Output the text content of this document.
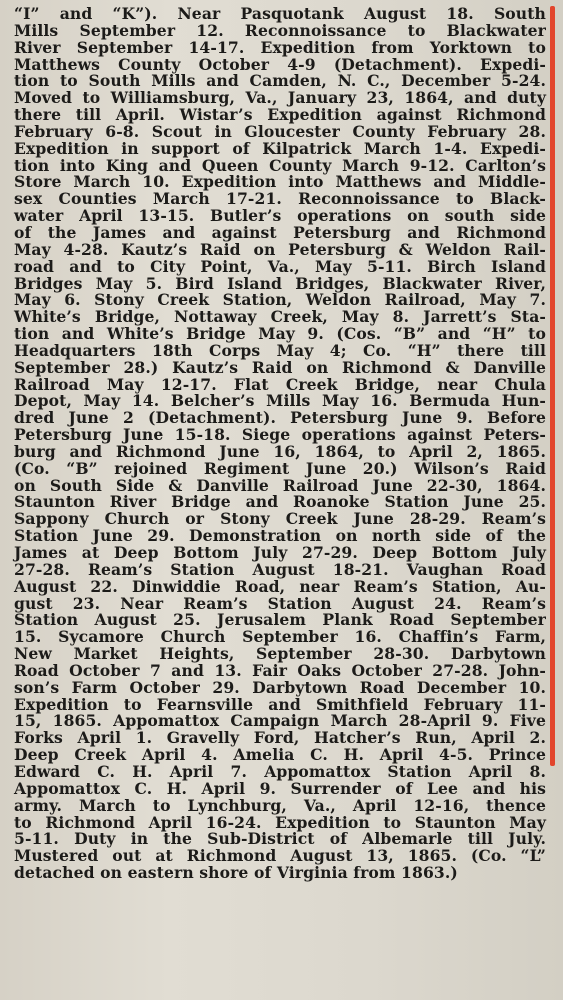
“I” and “K”). Near Pasquotank August 18. South
Mills September 12. Reconnoissance to Blackwater
River September 14-17. Expedition from Yorktown to
Matthews County October 4-9 (Detachment). Expedi-
tion to South Mills and Camden, N. C., December 5-24.
Moved to Williamsburg, Va., January 23, 1864, and duty
there till April. Wistar’s Expedition against Richmond
February 6-8. Scout in Gloucester County February 28.
Expedition in support of Kilpatrick March 1-4. Expedi-
tion into King and Queen County March 9-12. Carlton’s
Store March 10. Expedition into Matthews and Middle-
sex Counties March 17-21. Reconnoissance to Black-
water April 13-15. Butler’s operations on south side
of the James and against Petersburg and Richmond
May 4-28. Kautz’s Raid on Petersburg & Weldon Rail-
road and to City Point, Va., May 5-11. Birch Island
Bridges May 5. Bird Island Bridges, Blackwater River,
May 6. Stony Creek Station, Weldon Railroad, May 7.
White’s Bridge, Nottaway Creek, May 8. Jarrett’s Sta-
tion and White’s Bridge May 9. (Cos. “B” and “H” to
Headquarters 18th Corps May 4; Co. “H” there till
September 28.) Kautz’s Raid on Richmond & Danville
Railroad May 12-17. Flat Creek Bridge, near Chula
Depot, May 14. Belcher’s Mills May 16. Bermuda Hun-
dred June 2 (Detachment). Petersburg June 9. Before
Petersburg June 15-18. Siege operations against Peters-
burg and Richmond June 16, 1864, to April 2, 1865.
(Co. “B” rejoined Regiment June 20.) Wilson’s Raid
on South Side & Danville Railroad June 22-30, 1864.
Staunton River Bridge and Roanoke Station June 25.
Sappony Church or Stony Creek June 28-29. Ream’s
Station June 29. Demonstration on north side of the
James at Deep Bottom July 27-29. Deep Bottom July
27-28. Ream’s Station August 18-21. Vaughan Road
August 22. Dinwiddie Road, near Ream’s Station, Au-
gust 23. Near Ream’s Station August 24. Ream’s
Station August 25. Jerusalem Plank Road September
15. Sycamore Church September 16. Chaffin’s Farm,
New Market Heights, September 28-30. Darbytown
Road October 7 and 13. Fair Oaks October 27-28. John-
son’s Farm October 29. Darbytown Road December 10.
Expedition to Fearnsville and Smithfield February 11-
15, 1865. Appomattox Campaign March 28-April 9. Five
Forks April 1. Gravelly Ford, Hatcher’s Run, April 2.
Deep Creek April 4. Amelia C. H. April 4-5. Prince
Edward C. H. April 7. Appomattox Station April 8.
Appomattox C. H. April 9. Surrender of Lee and his
army. March to Lynchburg, Va., April 12-16, thence
to Richmond April 16-24. Expedition to Staunton May
5-11. Duty in the Sub-District of Albemarle till July.
Mustered out at Richmond August 13, 1865. (Co. “L”
detached on eastern shore of Virginia from 1863.)
